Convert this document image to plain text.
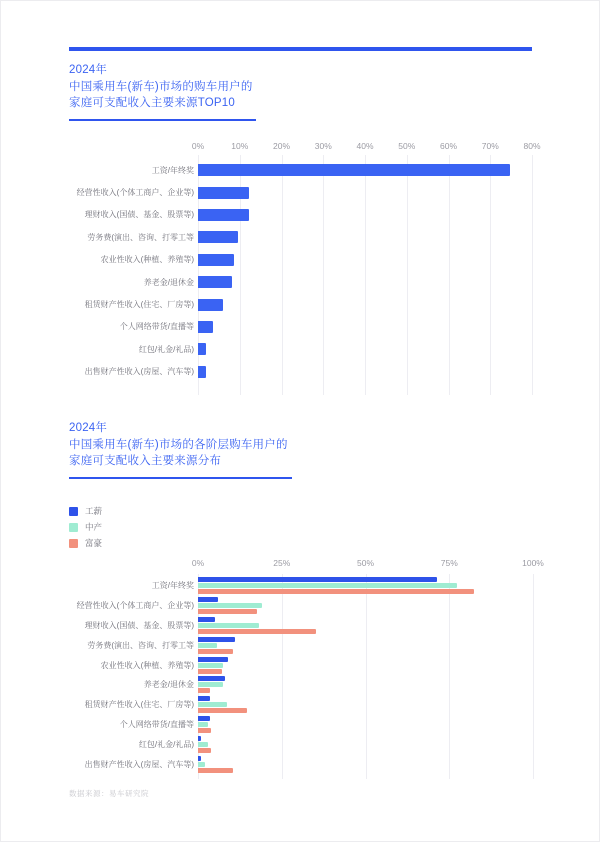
2024年
中国乘用车(新车)市场的购车用户的
家庭可支配收入主要来源TOP10
0%	10%	20%	30%	40%	50%	60%	70%	80%
工资/年终奖
经营性收入(个体工商户、企业等)
理财收入(国债、基金、股票等)
劳务费(演出、咨询、打零工等
农业性收入(种植、养殖等)
养老金/退休金
租赁财产性收入(住宅、厂房等)
个人网络带货/直播等
红包/礼金/礼品)
出售财产性收入(房屋、汽车等)
2024年
中国乘用车(新车)市场的各阶层购车用户的
家庭可支配收入主要来源分布
工薪
中产
富豪
0%	25%	50%	75%	100%
工资/年终奖
经营性收入(个体工商户、企业等)
理财收入(国债、基金、股票等)
劳务费(演出、咨询、打零工等
农业性收入(种植、养殖等)
养老金/退休金
租赁财产性收入(住宅、厂房等)
个人网络带货/直播等
红包/礼金/礼品)
出售财产性收入(房屋、汽车等)
数据来源：易车研究院
